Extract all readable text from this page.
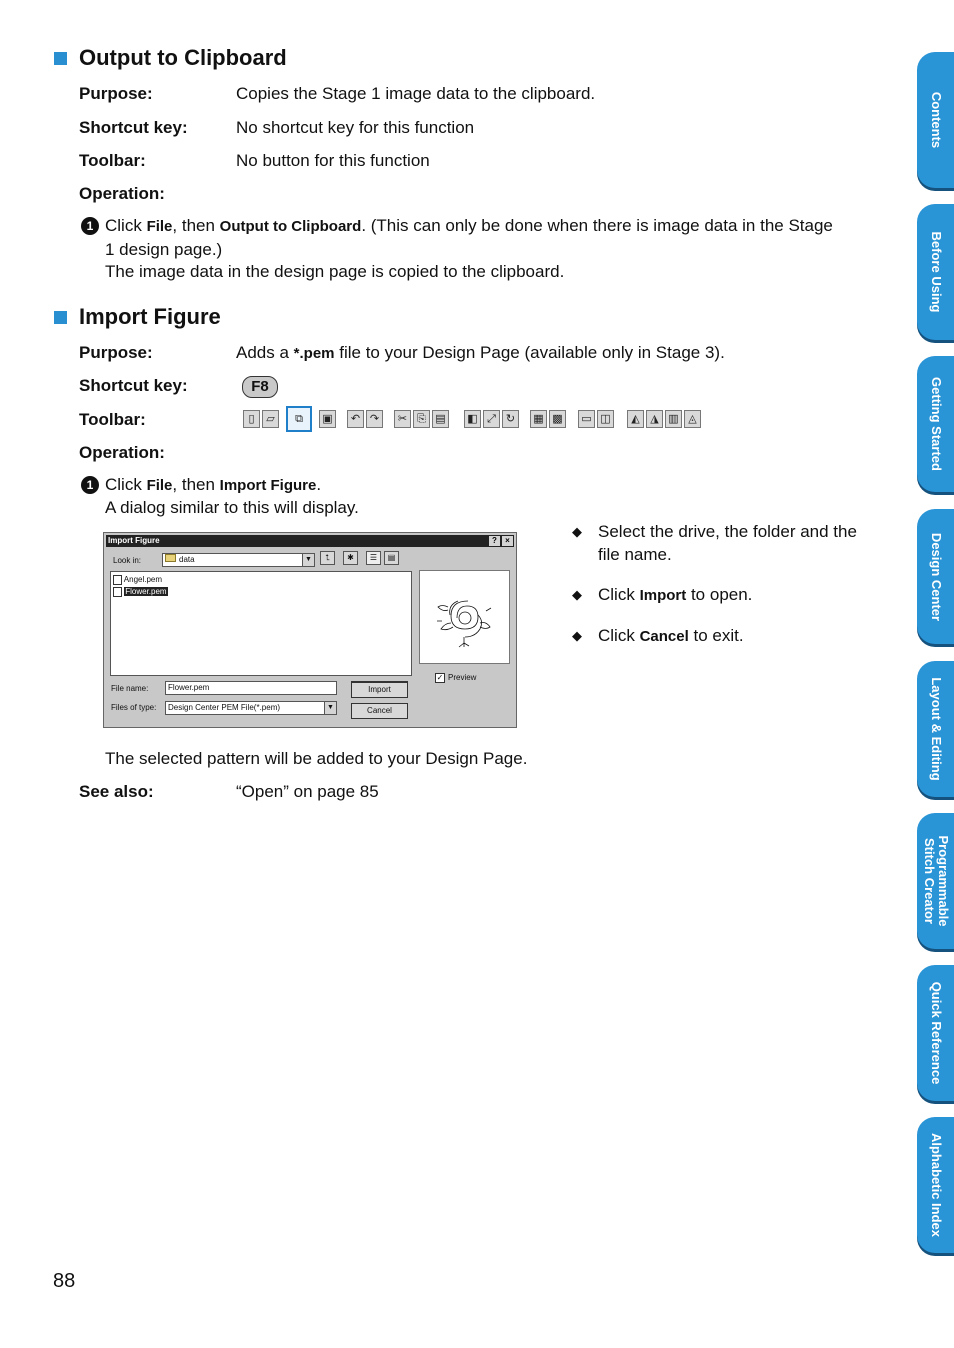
Output to Clipboard
Purpose:	Copies the Stage 1 image data to the clipboard.
Shortcut key:	No shortcut key for this function
Toolbar:	No button for this function
Operation:
1 Click File, then Output to Clipboard. (This can only be done when there is image data in the Stage
1 design page.)
The image data in the design page is copied to the clipboard.
Import Figure
Purpose:	Adds a *.pem file to your Design Page (available only in Stage 3).
Shortcut key:	F8
Toolbar:	▯	▱	⧉	▣	↶ ↷	✂ ⎘ ▤ ◧ ⤢ ↻	▦ ▩ ▭ ◫	◭ ◮ ▥ ◬
Operation:
1 Click File, then Import Figure.
A dialog similar to this will display.
Import Figure	?	×
Look in:	data	▼	⮤	✱	☰	▤
Angel.pem
Flower.pem
✓ Preview
File name:	Flower.pem
Files of type:	Design Center PEM File(*.pem)	▼
Import
Cancel
◆ Select the drive, the folder and the
file name.
◆ Click Import to open.
◆ Click Cancel to exit.
The selected pattern will be added to your Design Page.
See also:	“Open” on page 85
Contents
Before Using
Getting Started
Design Center
Layout & Editing
Programmable Stitch Creator
Quick Reference
Alphabetic Index
88
